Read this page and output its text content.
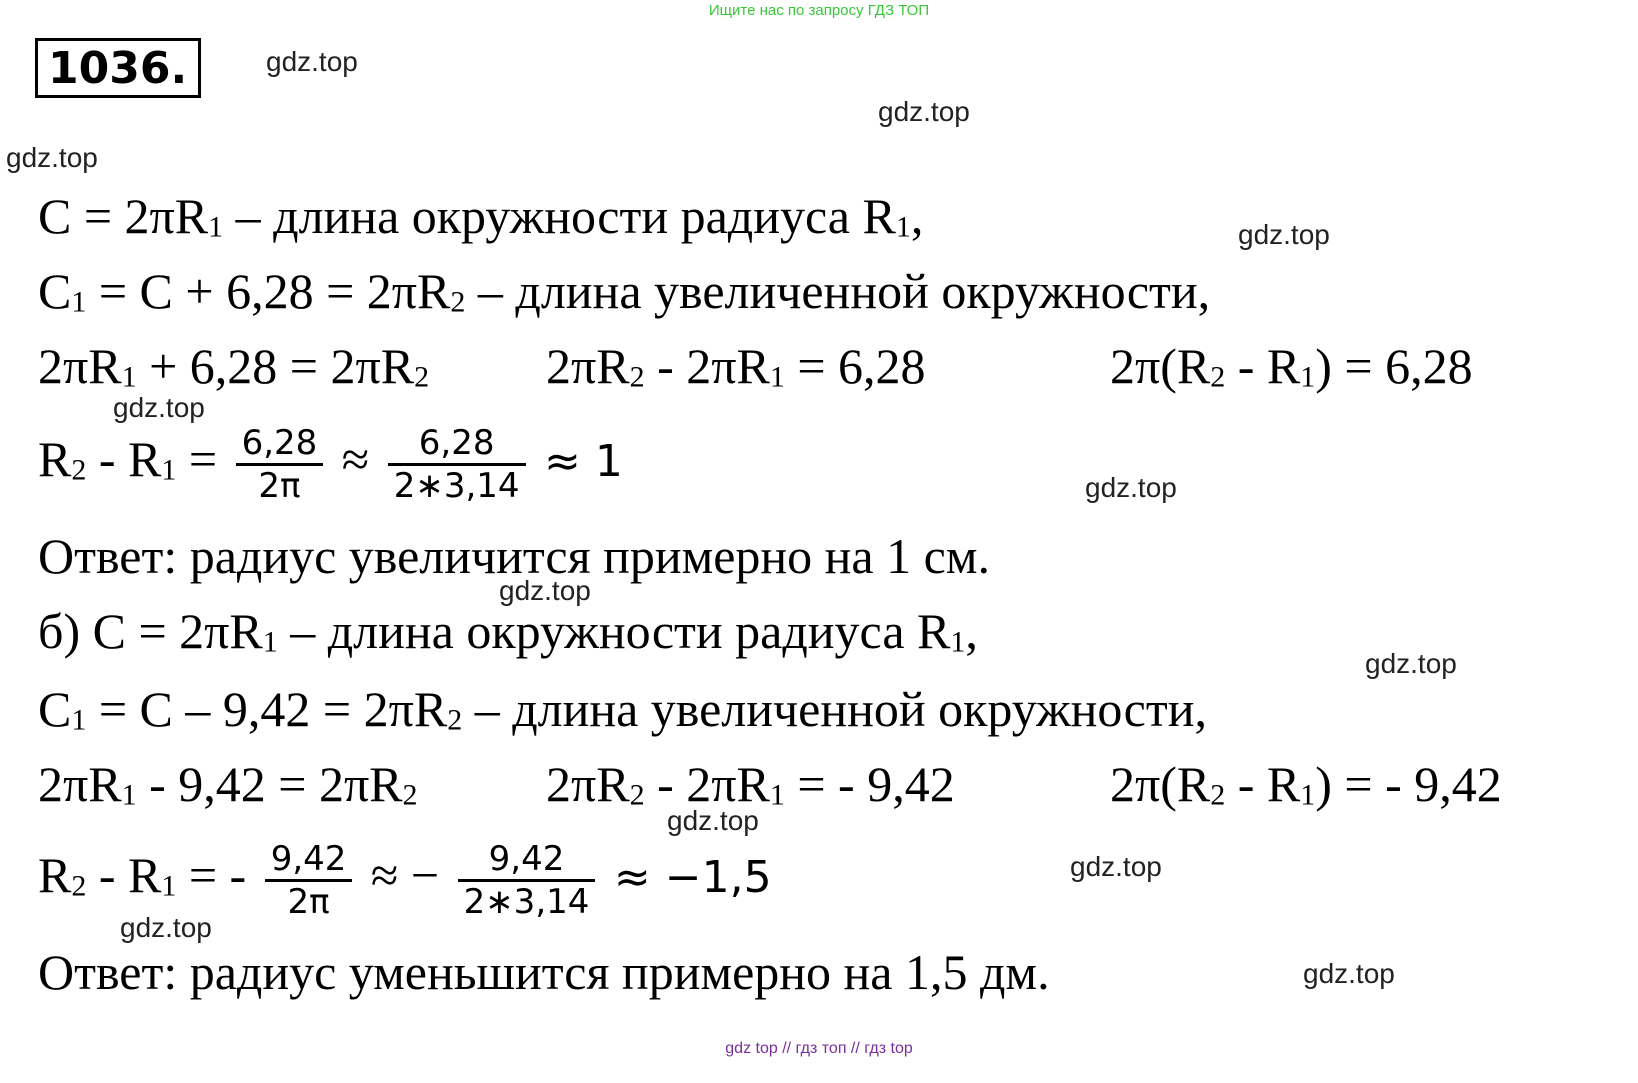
Ищите нас по запросу ГДЗ ТОП
1036.	gdz.top
gdz.top
gdz.top
gdz.top
gdz.top
gdz.top
gdz.top
gdz.top
gdz.top
gdz.top
gdz.top
gdz.top
$C = 2\pi R_1$ – длина окружности радиуса $R_1$,
$C_1 = C + 6,28 = 2\pi R_2$ – длина увеличенной окружности,
$2\pi R_1 + 6,28 = 2\pi R_2$ $2\pi R_2 - 2\pi R_1 = 6,28$	$2\pi(R_2 - R_1) = 6,28$
$R_2 - R_1 = \frac{6,28}{2\pi} \approx \frac{6,28}{2∗3,14} \approx 1$
Ответ: радиус увеличится примерно на 1 см.
б) $C = 2\pi R_1$ – длина окружности радиуса $R_1$,
$C_1 = C - 9,42 = 2\pi R_2$ – длина увеличенной окружности,
$2\pi R_1 - 9,42 = 2\pi R_2$	$2\pi R_2 - 2\pi R_1$ = - 9,42	$2\pi(R_2 - R_1)$ = - 9,42
$R_2 - R_1$ = - $\frac{9,42}{2\pi}$ ≈ − $\frac{9,42}{2∗3,14} \approx -1,5$
Ответ: радиус уменьшится примерно на 1,5 дм.
gdz top // гдз топ // гдз top
